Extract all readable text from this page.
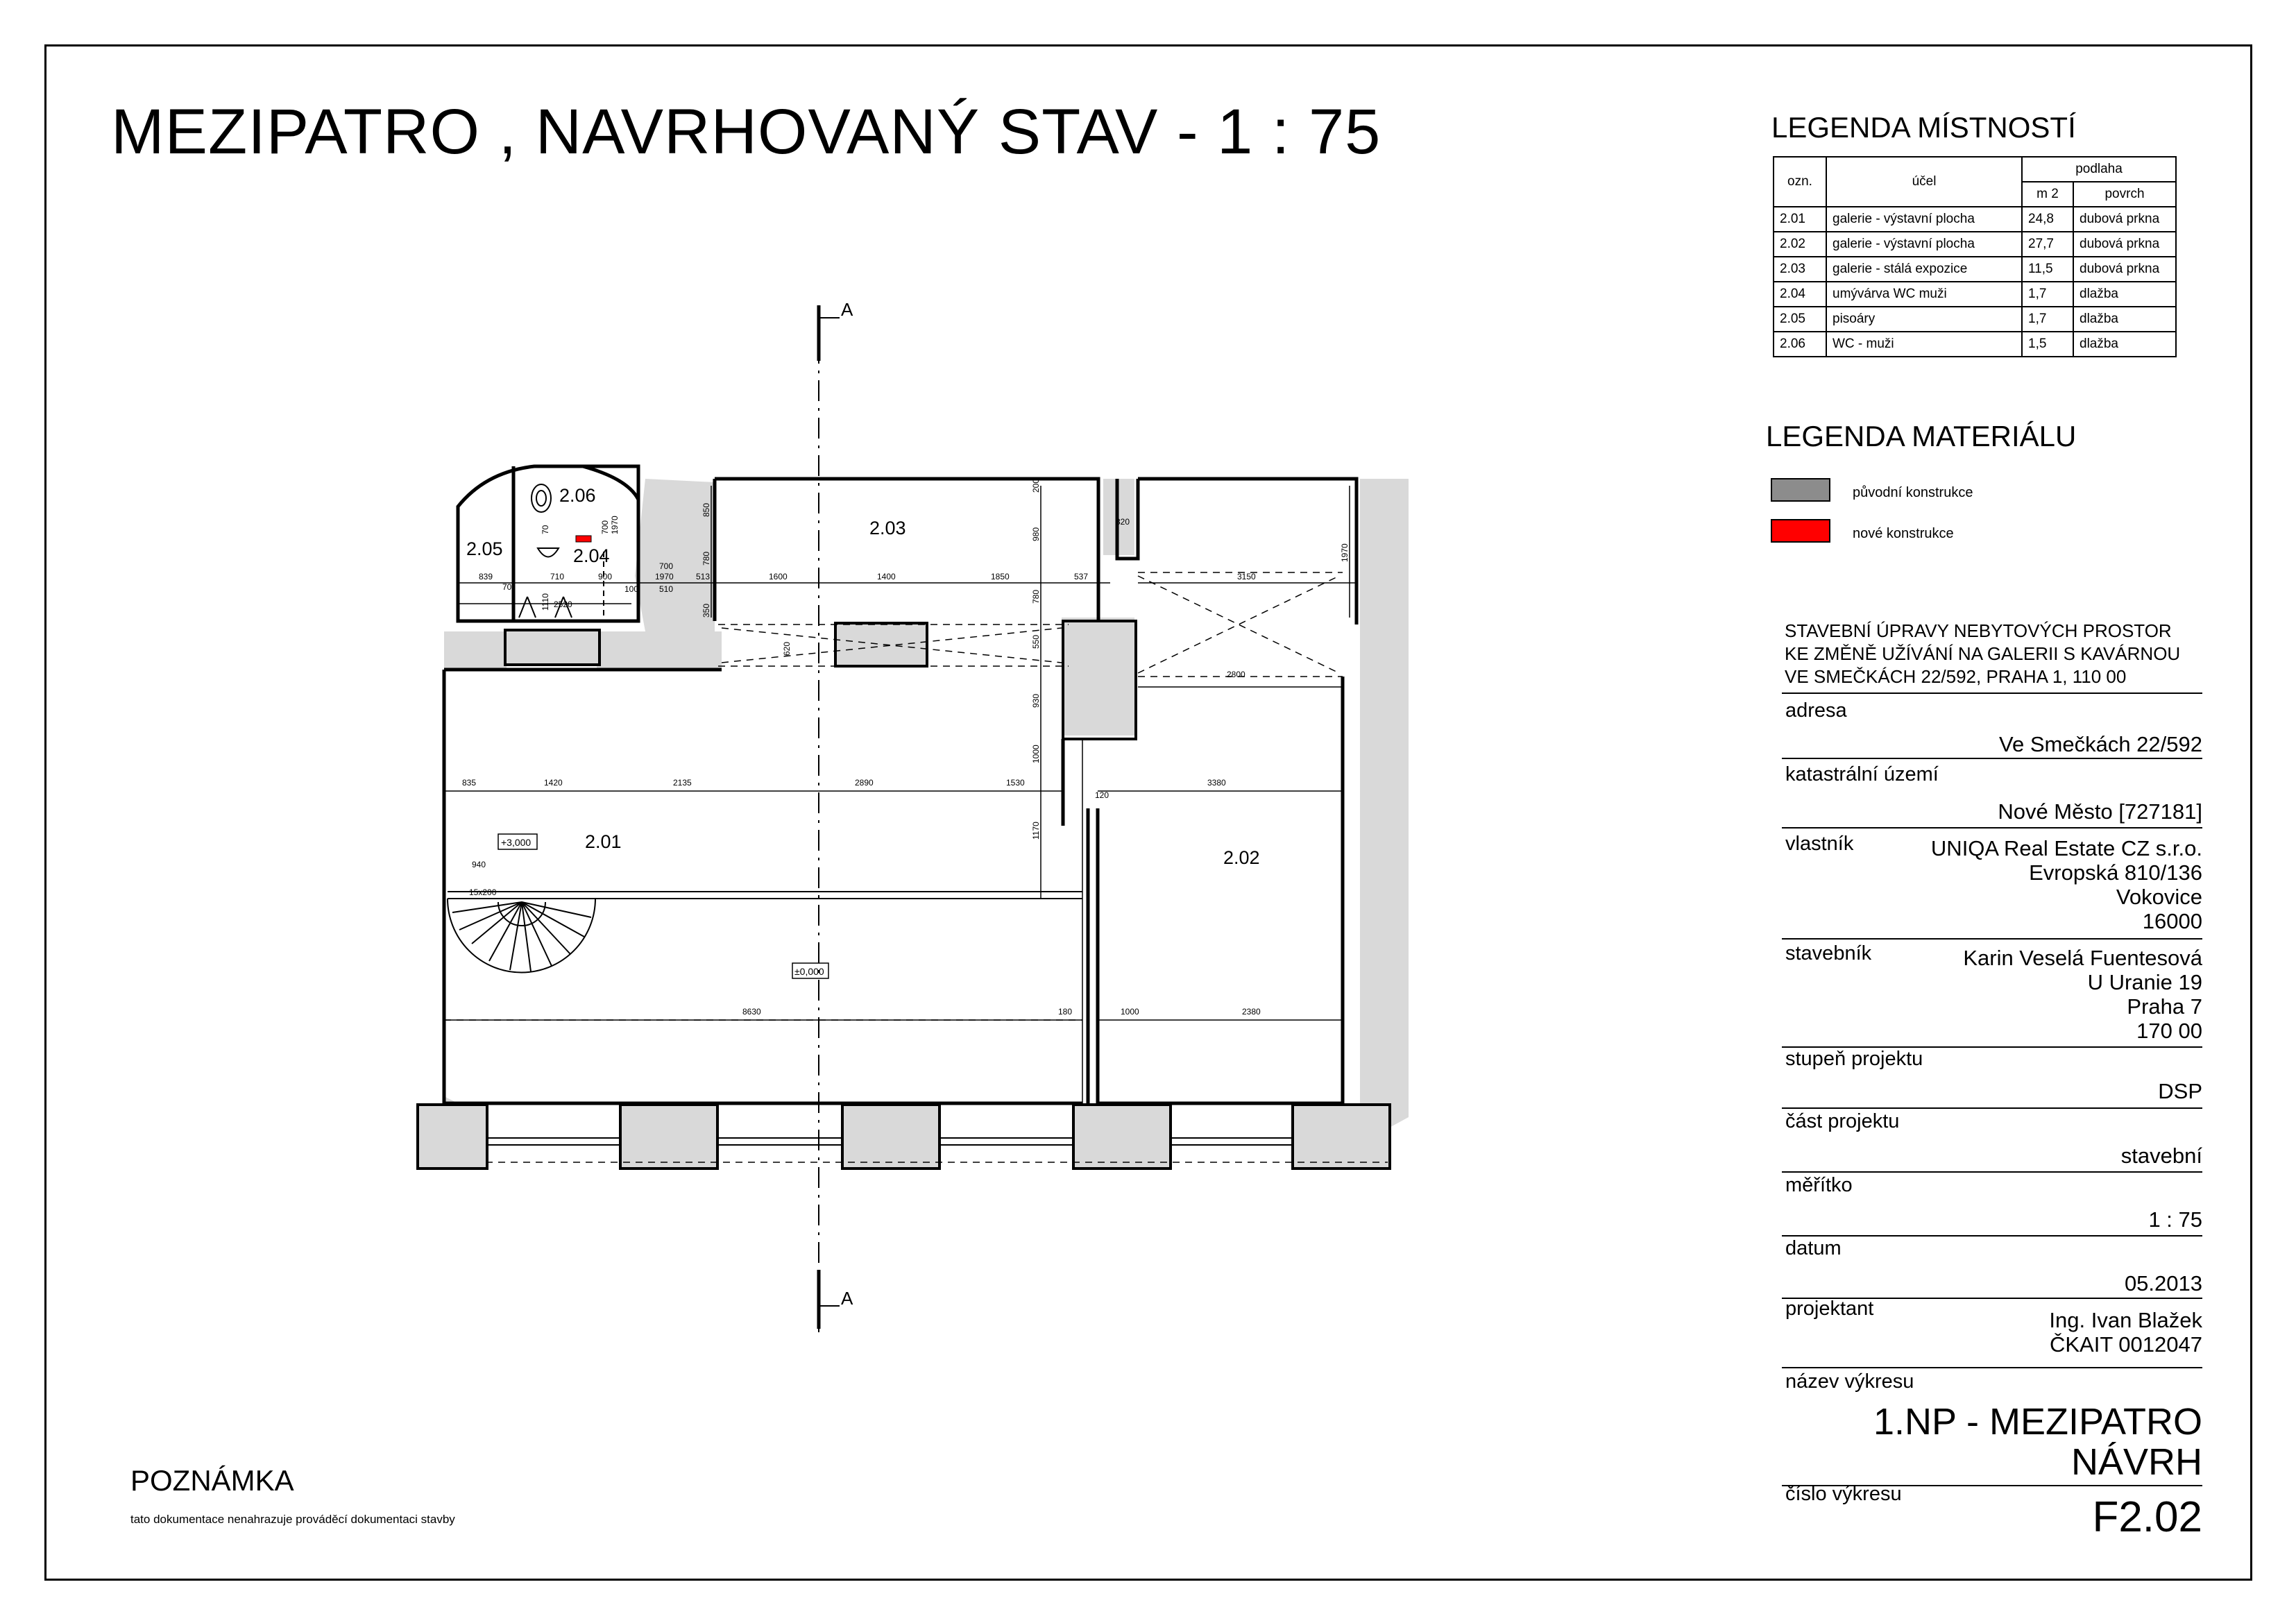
MEZIPATRO , NAVRHOVANÝ STAV - 1 : 75	LEGENDA MÍSTNOSTÍ
ozn.	účel	podlaha	
		m 2	povrch
2.01	galerie - výstavní plocha	24,8	dubová prkna
2.02	galerie - výstavní plocha	27,7	dubová prkna
2.03	galerie - stálá expozice	11,5	dubová prkna
2.04	umývárva WC muži	1,7	dlažba
2.05	pisoáry	1,7	dlažba
2.06	WC - muži	1,5	dlažba
LEGENDA MATERIÁLU
původní konstrukce
nové konstrukce
STAVEBNÍ ÚPRAVY NEBYTOVÝCH PROSTOR
KE ZMĚNĚ UŽÍVÁNÍ NA GALERII S KAVÁRNOU
VE SMEČKÁCH 22/592, PRAHA 1, 110 00
adresa
Ve Smečkách 22/592
katastrální území
Nové Město [727181]
vlastník	UNIQA Real Estate CZ s.r.o.
Evropská 810/136
Vokovice
16000
stavebník	Karin Veselá Fuentesová
U Uranie 19
Praha 7
170 00
stupeň projektu
DSP
část projektu
stavební
měřítko
1 : 75
datum
05.2013
projektant	Ing. Ivan Blažek
ČKAIT 0012047
název výkresu
1.NP - MEZIPATRO
NÁVRH
číslo výkresu	F2.02
POZNÁMKA
tato dokumentace nenahrazuje prováděcí dokumentaci stavby
A
A
2.01
2.02
2.03
2.04
2.05
2.06
+3,000
±0,000
15x200
839	710	900	1970	513	1600	1400	1850	537	3150
70
2520
100 510
700
2800
835	1420	2135	2890	1530
120
3380
940
8630	180	1000	2380
320
70
1110
700 1970
850
780
350
620
200
980
780
550
930
1000
1170
1970
